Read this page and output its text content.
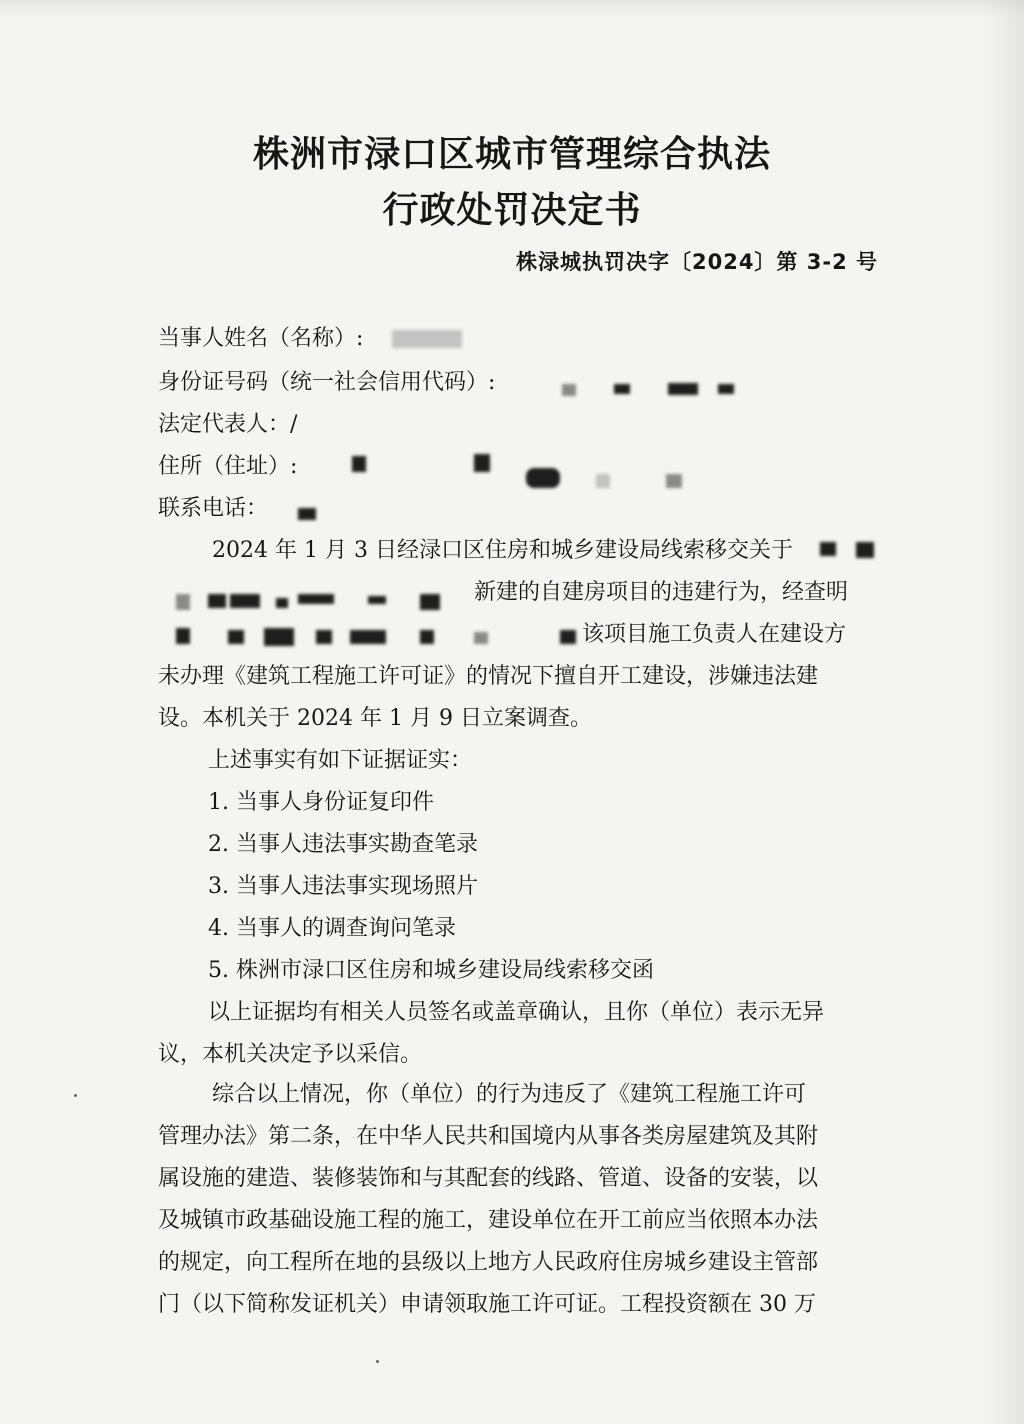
株洲市渌口区城市管理综合执法
行政处罚决定书
株渌城执罚决字〔2024〕第 3-2 号
当事人姓名（名称）:
身份证号码（统一社会信用代码）:
法定代表人：/
住所（住址）:
联系电话：
2024 年 1 月 3 日经渌口区住房和城乡建设局线索移交关于
新建的自建房项目的违建行为，经查明
该项目施工负责人在建设方
未办理《建筑工程施工许可证》的情况下擅自开工建设，涉嫌违法建
设。本机关于 2024 年 1 月 9 日立案调查。
上述事实有如下证据证实：
1. 当事人身份证复印件
2. 当事人违法事实勘查笔录
3. 当事人违法事实现场照片
4. 当事人的调查询问笔录
5. 株洲市渌口区住房和城乡建设局线索移交函
以上证据均有相关人员签名或盖章确认，且你（单位）表示无异
议，本机关决定予以采信。
综合以上情况，你（单位）的行为违反了《建筑工程施工许可
管理办法》第二条，在中华人民共和国境内从事各类房屋建筑及其附
属设施的建造、装修装饰和与其配套的线路、管道、设备的安装，以
及城镇市政基础设施工程的施工，建设单位在开工前应当依照本办法
的规定，向工程所在地的县级以上地方人民政府住房城乡建设主管部
门（以下简称发证机关）申请领取施工许可证。工程投资额在 30 万
